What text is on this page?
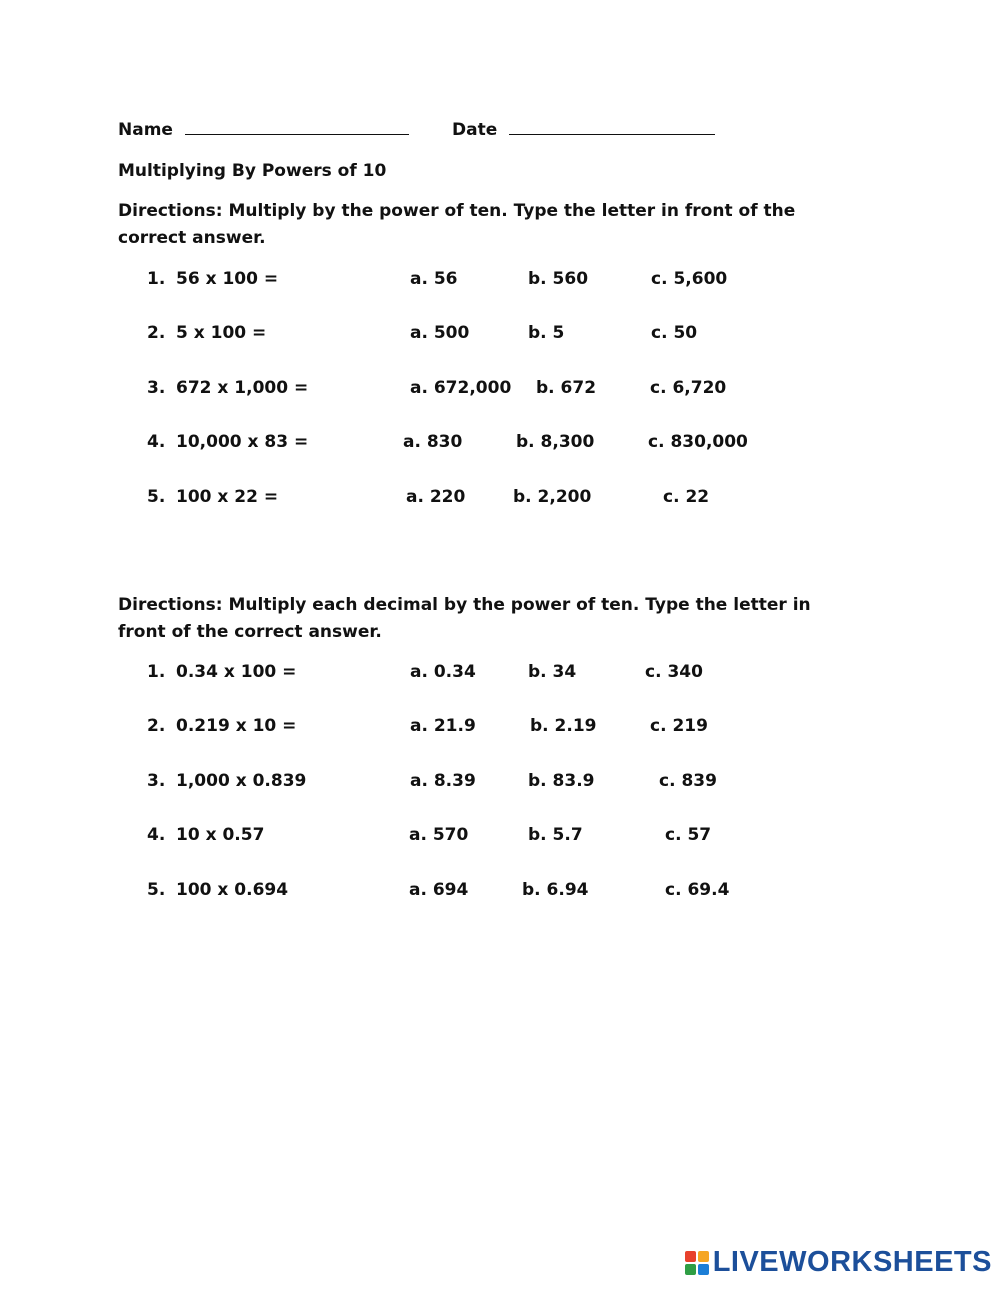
Name	Date
Multiplying By Powers of 10
Directions: Multiply by the power of ten. Type the letter in front of the correct answer.
1. 56 x 100 =	a. 56	b. 560	c. 5,600
2. 5 x 100 =	a. 500	b. 5	c. 50
3. 672 x 1,000 =	a. 672,000 b. 672	c. 6,720
4. 10,000 x 83 =	a. 830	b. 8,300	c. 830,000
5. 100 x 22 =	a. 220	b. 2,200	c. 22
Directions: Multiply each decimal by the power of ten. Type the letter in front of the correct answer.
1. 0.34 x 100 =	a. 0.34	b. 34	c. 340
2. 0.219 x 10 =	a. 21.9	b. 2.19	c. 219
3. 1,000 x 0.839	a. 8.39	b. 83.9	c. 839
4. 10 x 0.57	a. 570	b. 5.7	c. 57
5. 100 x 0.694	a. 694	b. 6.94	c. 69.4
LIVEWORKSHEETS
